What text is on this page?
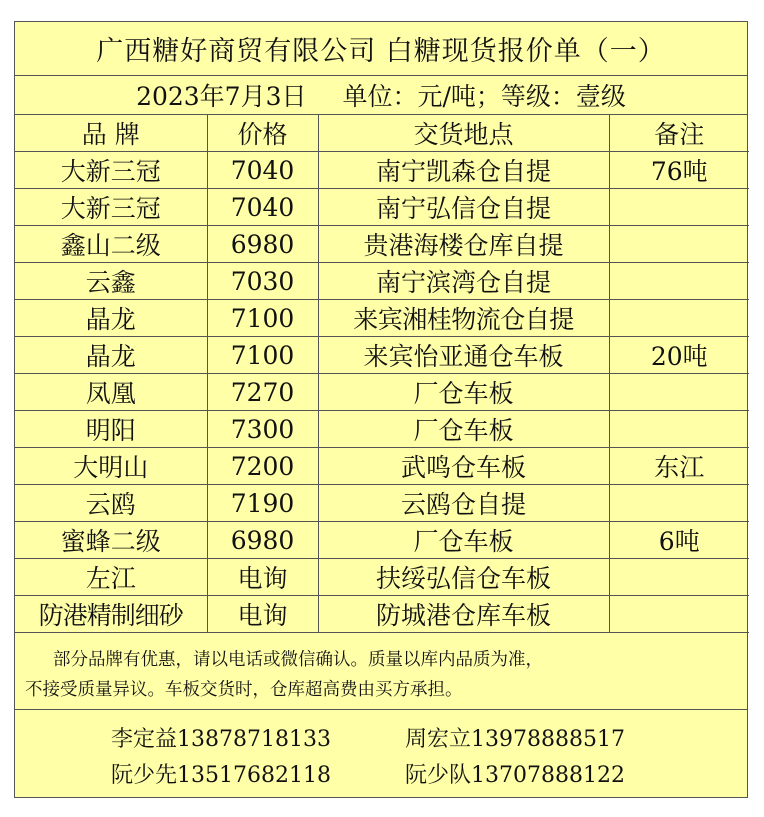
广西糖好商贸有限公司 白糖现货报价单（一）
2023年7月3日 单位：元/吨；等级：壹级
品 牌	价格	交货地点	备注
大新三冠	7040	南宁凯森仓自提	76吨
大新三冠	7040	南宁弘信仓自提	
鑫山二级	6980	贵港海楼仓库自提	
云鑫	7030	南宁滨湾仓自提	
晶龙	7100	来宾湘桂物流仓自提	
晶龙	7100	来宾怡亚通仓车板	20吨
凤凰	7270	厂仓车板	
明阳	7300	厂仓车板	
大明山	7200	武鸣仓车板	东江
云鸥	7190	云鸥仓自提	
蜜蜂二级	6980	厂仓车板	6吨
左江	电询	扶绥弘信仓车板	
防港精制细砂	电询	防城港仓库车板	
部分品牌有优惠，请以电话或微信确认。质量以库内品质为准，
不接受质量异议。车板交货时，仓库超高费由买方承担。
李定益13878718133	周宏立13978888517
阮少先13517682118	阮少队13707888122
